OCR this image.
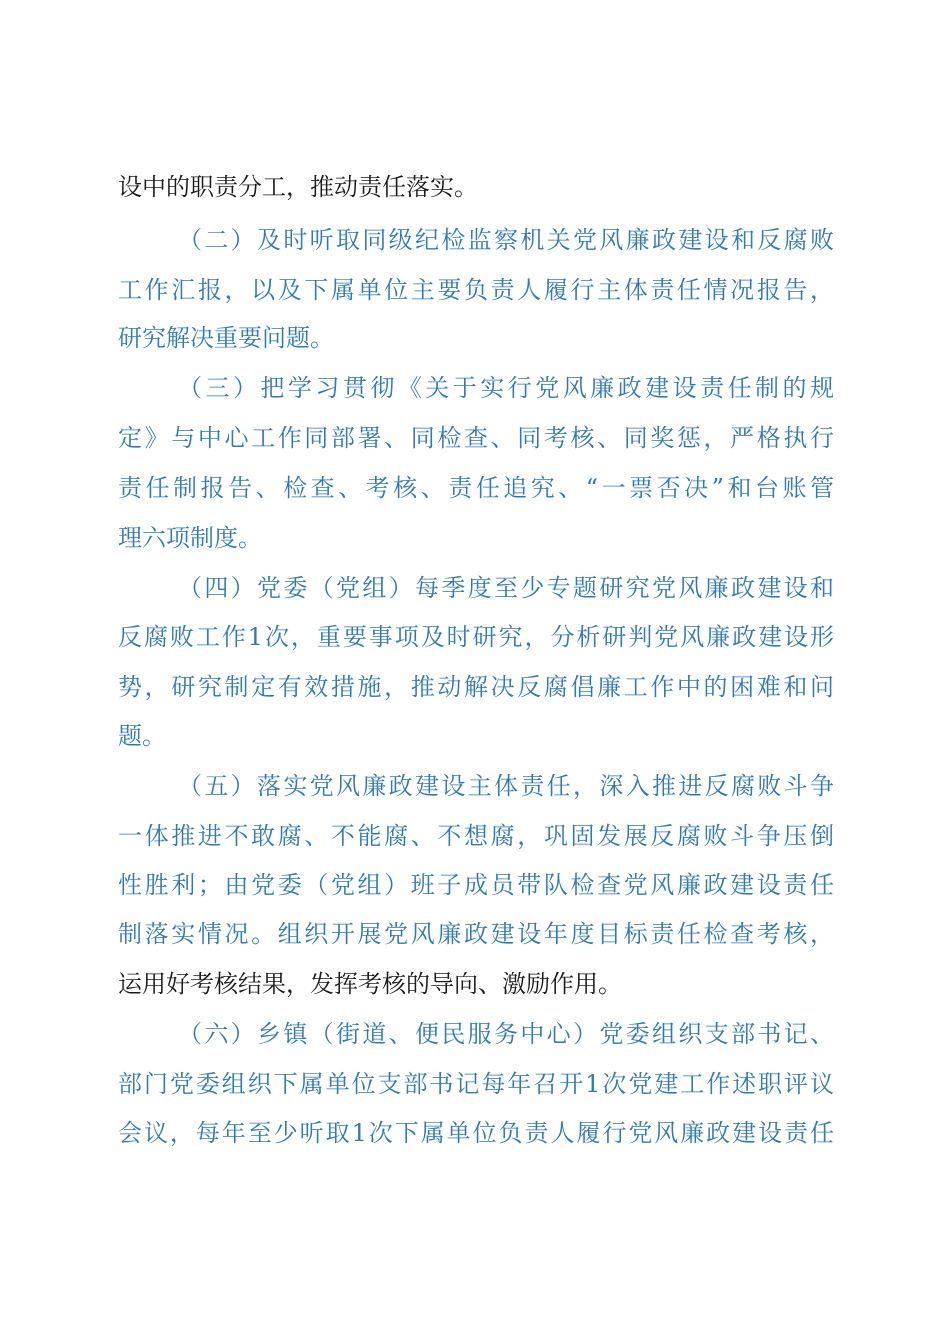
设中的职责分工，推动责任落实。
（二）及时听取同级纪检监察机关党风廉政建设和反腐败
工作汇报，以及下属单位主要负责人履行主体责任情况报告，
研究解决重要问题。
（三）把学习贯彻《关于实行党风廉政建设责任制的规
定》与中心工作同部署、同检查、同考核、同奖惩，严格执行
责任制报告、检查、考核、责任追究、“一票否决”和台账管
理六项制度。
（四）党委（党组）每季度至少专题研究党风廉政建设和
反腐败工作1次，重要事项及时研究，分析研判党风廉政建设形
势，研究制定有效措施，推动解决反腐倡廉工作中的困难和问
题。
（五）落实党风廉政建设主体责任，深入推进反腐败斗争
一体推进不敢腐、不能腐、不想腐，巩固发展反腐败斗争压倒
性胜利；由党委（党组）班子成员带队检查党风廉政建设责任
制落实情况。组织开展党风廉政建设年度目标责任检查考核，
运用好考核结果，发挥考核的导向、激励作用。
（六）乡镇（街道、便民服务中心）党委组织支部书记、
部门党委组织下属单位支部书记每年召开1次党建工作述职评议
会议，每年至少听取1次下属单位负责人履行党风廉政建设责任
